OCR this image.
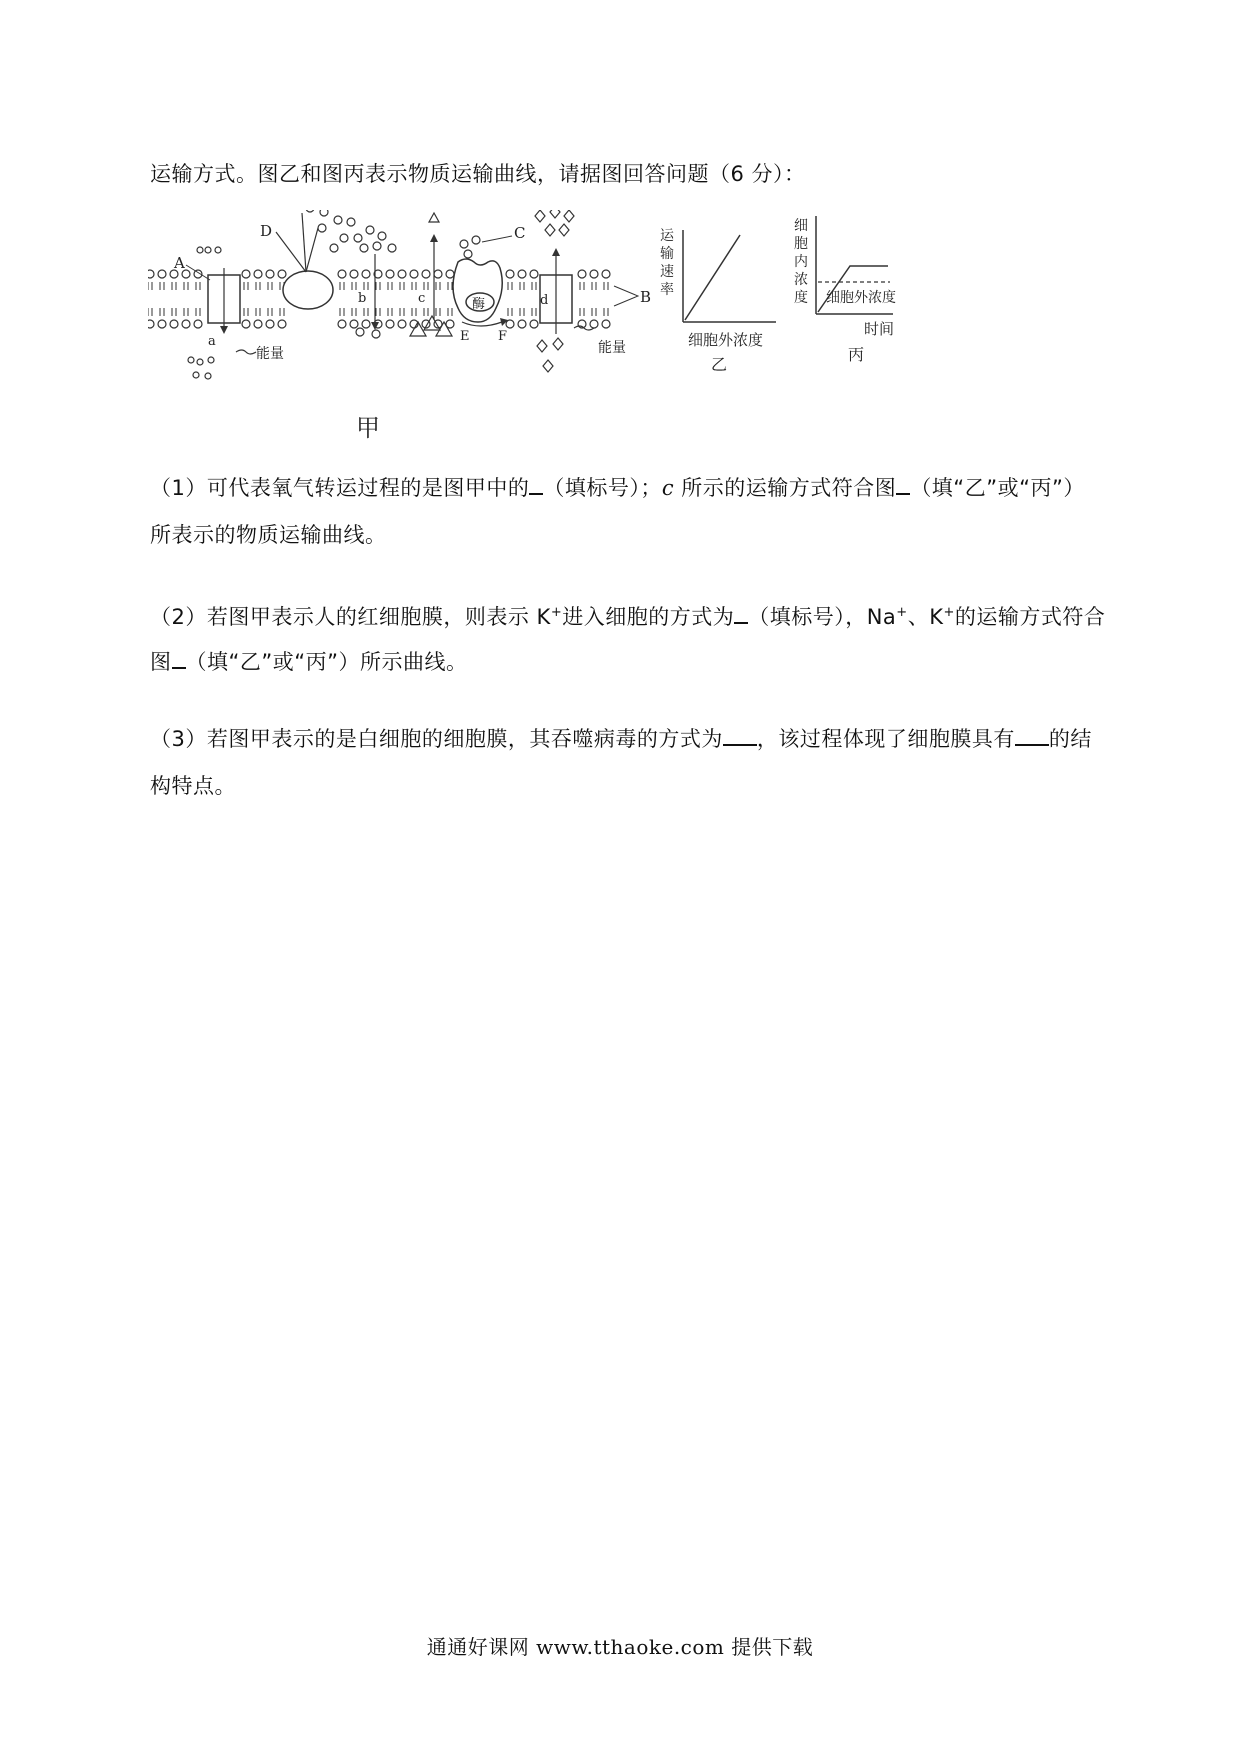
运输方式。图乙和图丙表示物质运输曲线，请据图回答问题（6 分）：
A
a
能量
D
b	c	酶
E F
C
d
能量
B
甲
运
输
速
率
细胞外浓度
乙
细
胞
内
浓
度 细胞外浓度
时间
丙
（1）可代表氧气转运过程的是图甲中的 （填标号）；c 所示的运输方式符合图 （填“乙”或“丙”）
所表示的物质运输曲线。
（2）若图甲表示人的红细胞膜，则表示 K+进入细胞的方式为 （填标号），Na+、K+的运输方式符合
图 （填“乙”或“丙”）所示曲线。
（3）若图甲表示的是白细胞的细胞膜，其吞噬病毒的方式为 ，该过程体现了细胞膜具有 的结
构特点。
通通好课网 www.tthaoke.com 提供下载
